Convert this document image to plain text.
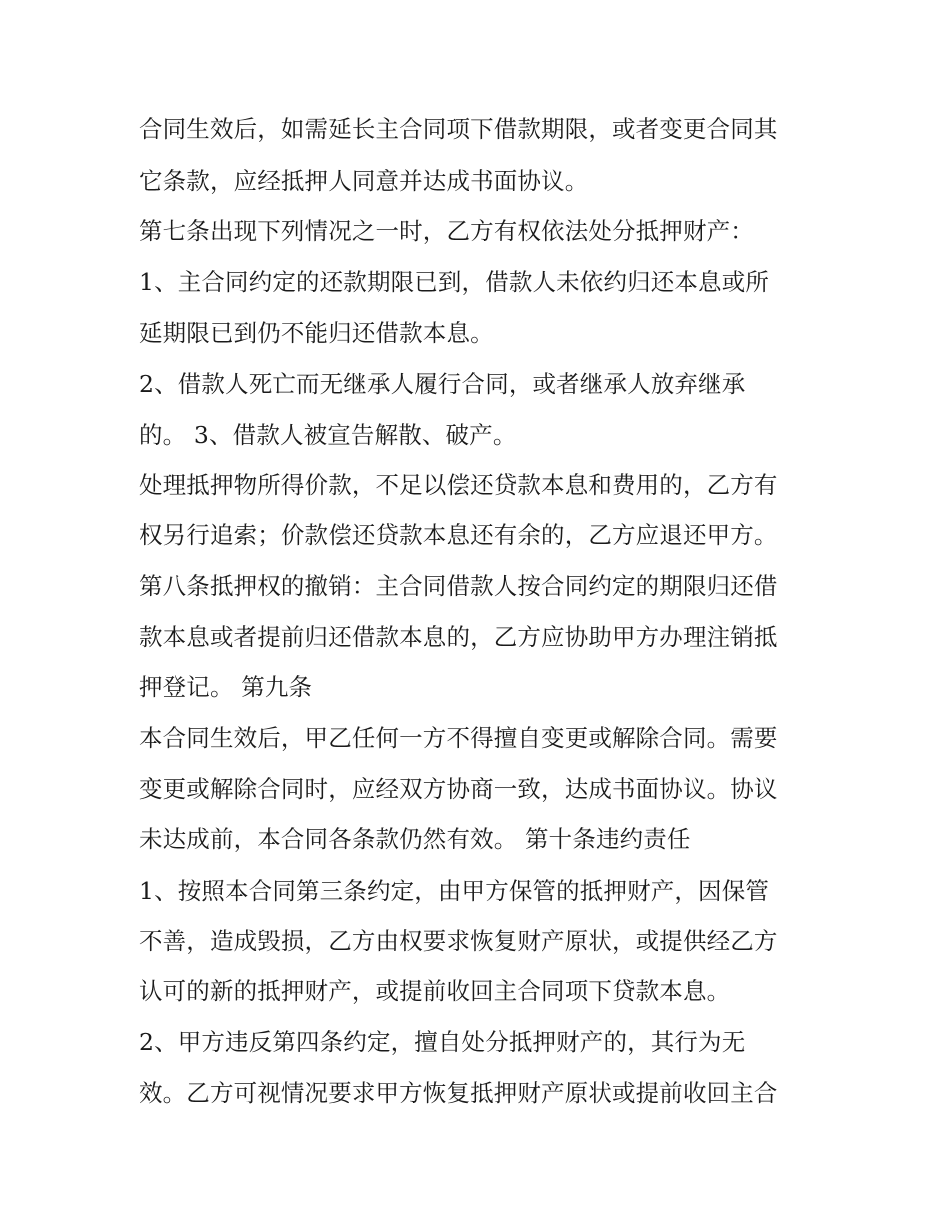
合同生效后，如需延长主合同项下借款期限，或者变更合同其

它条款，应经抵押人同意并达成书面协议。

第七条出现下列情况之一时，乙方有权依法处分抵押财产：

1、主合同约定的还款期限已到，借款人未依约归还本息或所

延期限已到仍不能归还借款本息。

2、借款人死亡而无继承人履行合同，或者继承人放弃继承

的。 3、借款人被宣告解散、破产。

处理抵押物所得价款，不足以偿还贷款本息和费用的，乙方有

权另行追索；价款偿还贷款本息还有余的，乙方应退还甲方。

第八条抵押权的撤销：主合同借款人按合同约定的期限归还借

款本息或者提前归还借款本息的，乙方应协助甲方办理注销抵

押登记。 第九条

本合同生效后，甲乙任何一方不得擅自变更或解除合同。需要

变更或解除合同时，应经双方协商一致，达成书面协议。协议

未达成前，本合同各条款仍然有效。 第十条违约责任

1、按照本合同第三条约定，由甲方保管的抵押财产，因保管

不善，造成毁损，乙方由权要求恢复财产原状，或提供经乙方

认可的新的抵押财产，或提前收回主合同项下贷款本息。

2、甲方违反第四条约定，擅自处分抵押财产的，其行为无

效。乙方可视情况要求甲方恢复抵押财产原状或提前收回主合
